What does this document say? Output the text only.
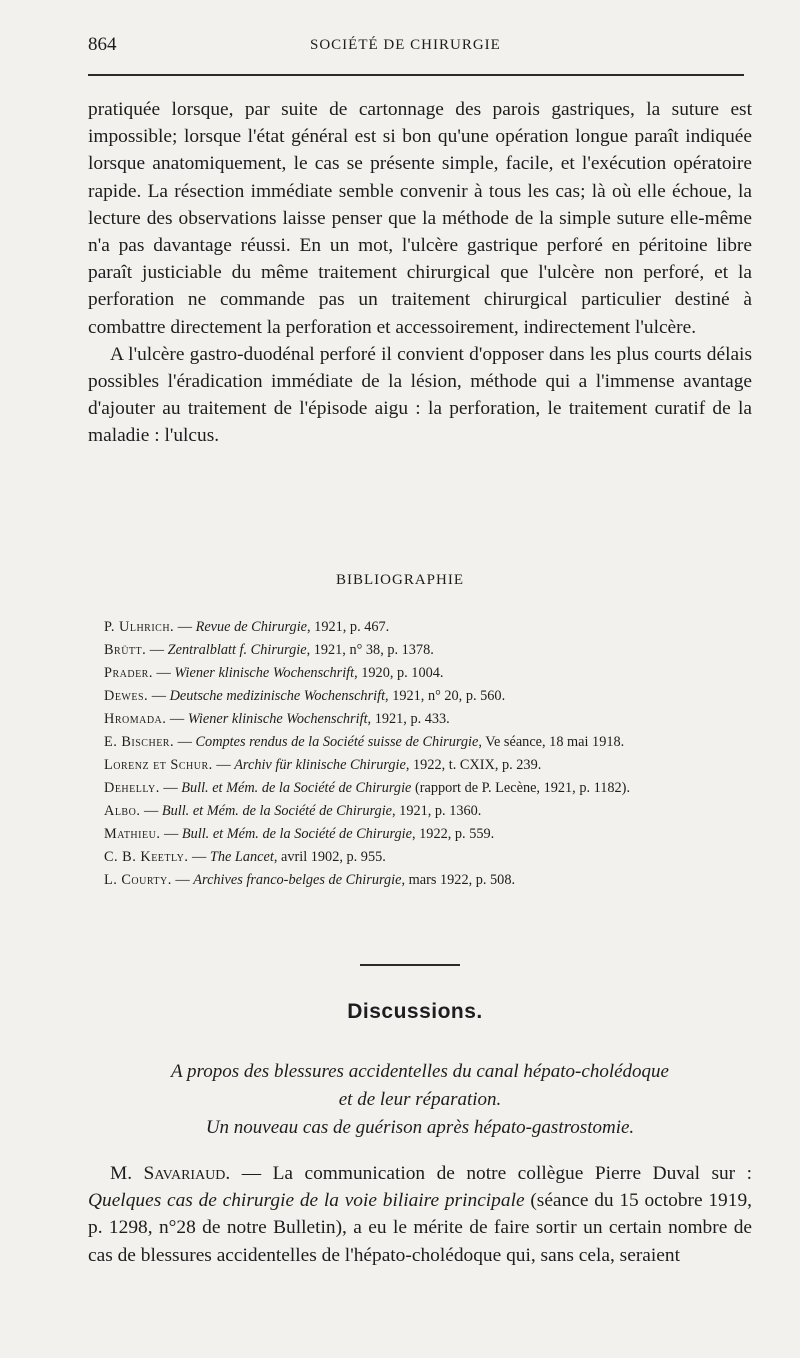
864	SOCIÉTÉ DE CHIRURGIE

pratiquée lorsque, par suite de cartonnage des parois gastriques, la suture est impossible; lorsque l'état général est si bon qu'une opération longue paraît indiquée lorsque anatomiquement, le cas se présente simple, facile, et l'exécution opératoire rapide. La résection immédiate semble convenir à tous les cas; là où elle échoue, la lecture des observations laisse penser que la méthode de la simple suture elle-même n'a pas davantage réussi. En un mot, l'ulcère gastrique perforé en péritoine libre paraît justiciable du même traitement chirurgical que l'ulcère non perforé, et la perforation ne commande pas un traitement chirurgical particulier destiné à combattre directement la perforation et accessoirement, indirectement l'ulcère.

A l'ulcère gastro-duodénal perforé il convient d'opposer dans les plus courts délais possibles l'éradication immédiate de la lésion, méthode qui a l'immense avantage d'ajouter au traitement de l'épisode aigu : la perforation, le traitement curatif de la maladie : l'ulcus.

BIBLIOGRAPHIE

P. Ulhrich. — Revue de Chirurgie, 1921, p. 467.

Brütt. — Zentralblatt f. Chirurgie, 1921, n° 38, p. 1378.

Prader. — Wiener klinische Wochenschrift, 1920, p. 1004.

Dewes. — Deutsche medizinische Wochenschrift, 1921, n° 20, p. 560.

Hromada. — Wiener klinische Wochenschrift, 1921, p. 433.

E. Bischer. — Comptes rendus de la Société suisse de Chirurgie, Ve séance, 18 mai 1918.

Lorenz et Schur. — Archiv für klinische Chirurgie, 1922, t. CXIX, p. 239.

Dehelly. — Bull. et Mém. de la Société de Chirurgie (rapport de P. Lecène, 1921, p. 1182).

Albo. — Bull. et Mém. de la Société de Chirurgie, 1921, p. 1360.

Mathieu. — Bull. et Mém. de la Société de Chirurgie, 1922, p. 559.

C. B. Keetly. — The Lancet, avril 1902, p. 955.

L. Courty. — Archives franco-belges de Chirurgie, mars 1922, p. 508.

Discussions.
A propos des blessures accidentelles du canal hépato-cholédoque
et de leur réparation.
Un nouveau cas de guérison après hépato-gastrostomie.

M. Savariaud. — La communication de notre collègue Pierre Duval sur : Quelques cas de chirurgie de la voie biliaire principale (séance du 15 octobre 1919, p. 1298, n°28 de notre Bulletin), a eu le mérite de faire sortir un certain nombre de cas de blessures accidentelles de l'hépato-cholédoque qui, sans cela, seraient
